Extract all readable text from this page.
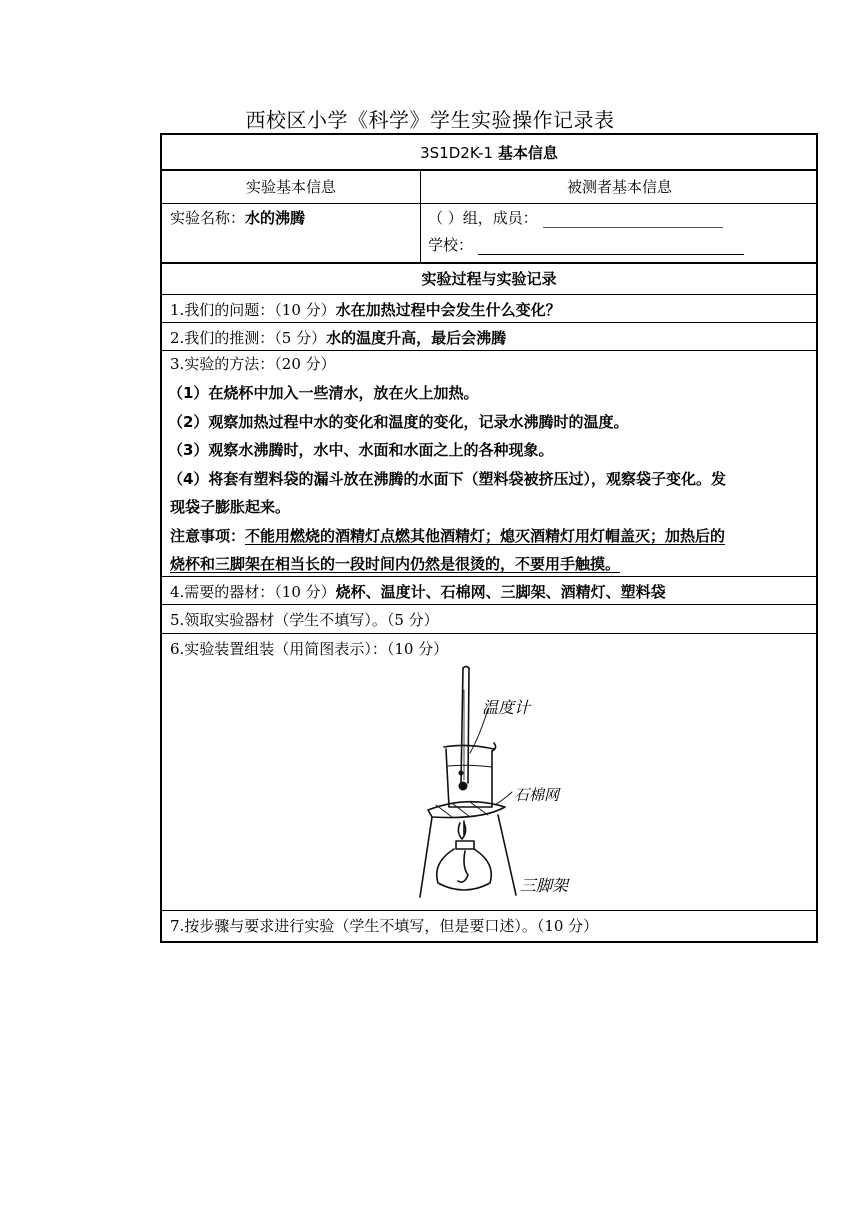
西校区小学《科学》学生实验操作记录表
3S1D2K-1 基本信息
实验基本信息	被测者基本信息
实验名称：水的沸腾	（ ）组，成员：
学校：
实验过程与实验记录
1.我们的问题：（10 分）水在加热过程中会发生什么变化？
2.我们的推测：（5 分）水的温度升高，最后会沸腾
3.实验的方法：（20 分）
（1）在烧杯中加入一些清水，放在火上加热。
（2）观察加热过程中水的变化和温度的变化，记录水沸腾时的温度。
（3）观察水沸腾时，水中、水面和水面之上的各种现象。
（4）将套有塑料袋的漏斗放在沸腾的水面下（塑料袋被挤压过），观察袋子变化。发
现袋子膨胀起来。
注意事项：不能用燃烧的酒精灯点燃其他酒精灯；熄灭酒精灯用灯帽盖灭；加热后的
烧杯和三脚架在相当长的一段时间内仍然是很烫的，不要用手触摸。
4.需要的器材：（10 分）烧杯、温度计、石棉网、三脚架、酒精灯、塑料袋
5.领取实验器材（学生不填写）。（5 分）
6.实验装置组装（用简图表示）：（10 分）
温度计
石棉网
三脚架
7.按步骤与要求进行实验（学生不填写，但是要口述）。（10 分）
